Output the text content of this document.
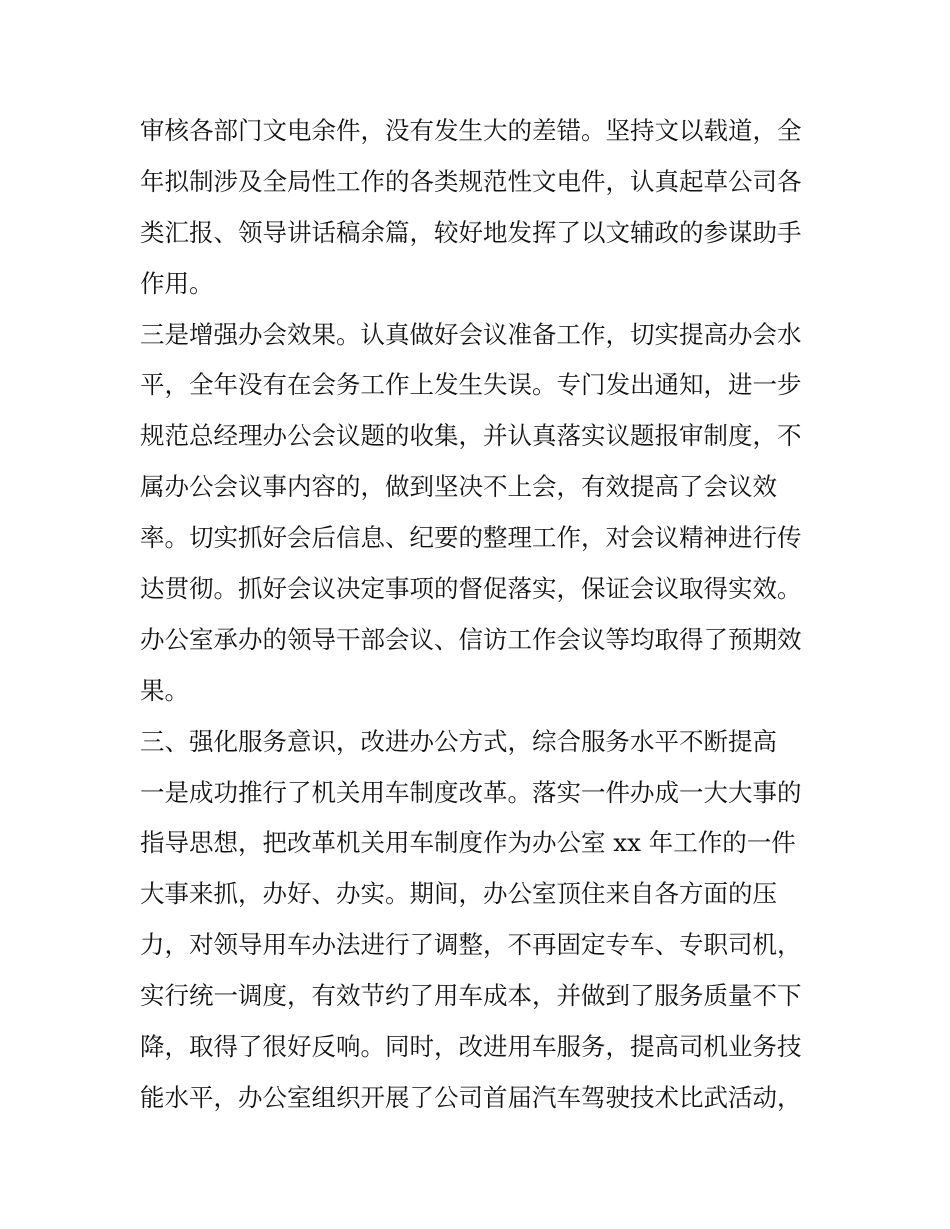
审核各部门文电余件，没有发生大的差错。坚持文以载道，全
年拟制涉及全局性工作的各类规范性文电件，认真起草公司各
类汇报、领导讲话稿余篇，较好地发挥了以文辅政的参谋助手
作用。
三是增强办会效果。认真做好会议准备工作，切实提高办会水
平，全年没有在会务工作上发生失误。专门发出通知，进一步
规范总经理办公会议题的收集，并认真落实议题报审制度，不
属办公会议事内容的，做到坚决不上会，有效提高了会议效
率。切实抓好会后信息、纪要的整理工作，对会议精神进行传
达贯彻。抓好会议决定事项的督促落实，保证会议取得实效。
办公室承办的领导干部会议、信访工作会议等均取得了预期效
果。
三、强化服务意识，改进办公方式，综合服务水平不断提高
一是成功推行了机关用车制度改革。落实一件办成一大大事的
指导思想，把改革机关用车制度作为办公室 xx 年工作的一件
大事来抓，办好、办实。期间，办公室顶住来自各方面的压
力，对领导用车办法进行了调整，不再固定专车、专职司机，
实行统一调度，有效节约了用车成本，并做到了服务质量不下
降，取得了很好反响。同时，改进用车服务，提高司机业务技
能水平，办公室组织开展了公司首届汽车驾驶技术比武活动，
